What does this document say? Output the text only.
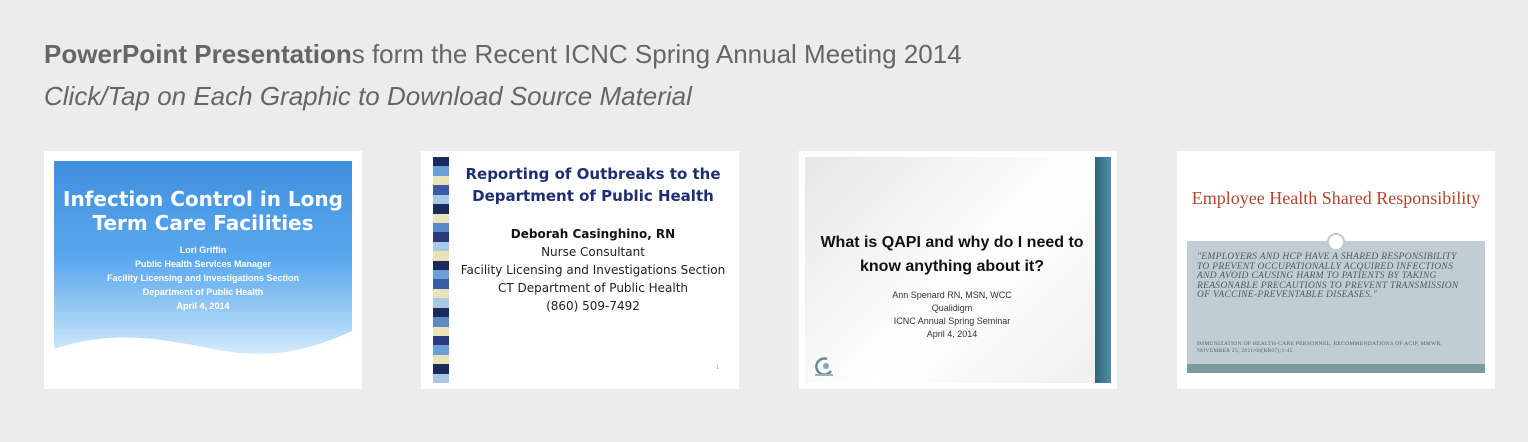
PowerPoint Presentations form the Recent ICNC Spring Annual Meeting 2014
Click/Tap on Each Graphic to Download Source Material
Infection Control in Long Term Care Facilities
Lori Griffin
Public Health Services Manager
Facility Licensing and Investigations Section
Department of Public Health
April 4, 2014
Reporting of Outbreaks to the Department of Public Health
Deborah Casinghino, RN
Nurse Consultant
Facility Licensing and Investigations Section
CT Department of Public Health
(860) 509-7492
1
What is QAPI and why do I need to know anything about it?
Ann Spenard RN, MSN, WCC
Qualidigm
ICNC Annual Spring Seminar
April 4, 2014
Employee Health Shared Responsibility
"EMPLOYERS AND HCP HAVE A SHARED RESPONSIBILITY TO PREVENT OCCUPATIONALLY ACQUIRED INFECTIONS AND AVOID CAUSING HARM TO PATIENTS BY TAKING REASONABLE PRECAUTIONS TO PREVENT TRANSMISSION OF VACCINE-PREVENTABLE DISEASES."
IMMUNIZATION OF HEALTH-CARE PERSONNEL, RECOMMENDATIONS OF ACIP, MMWR, NOVEMBER 25, 2011/60(RR07);1-45
